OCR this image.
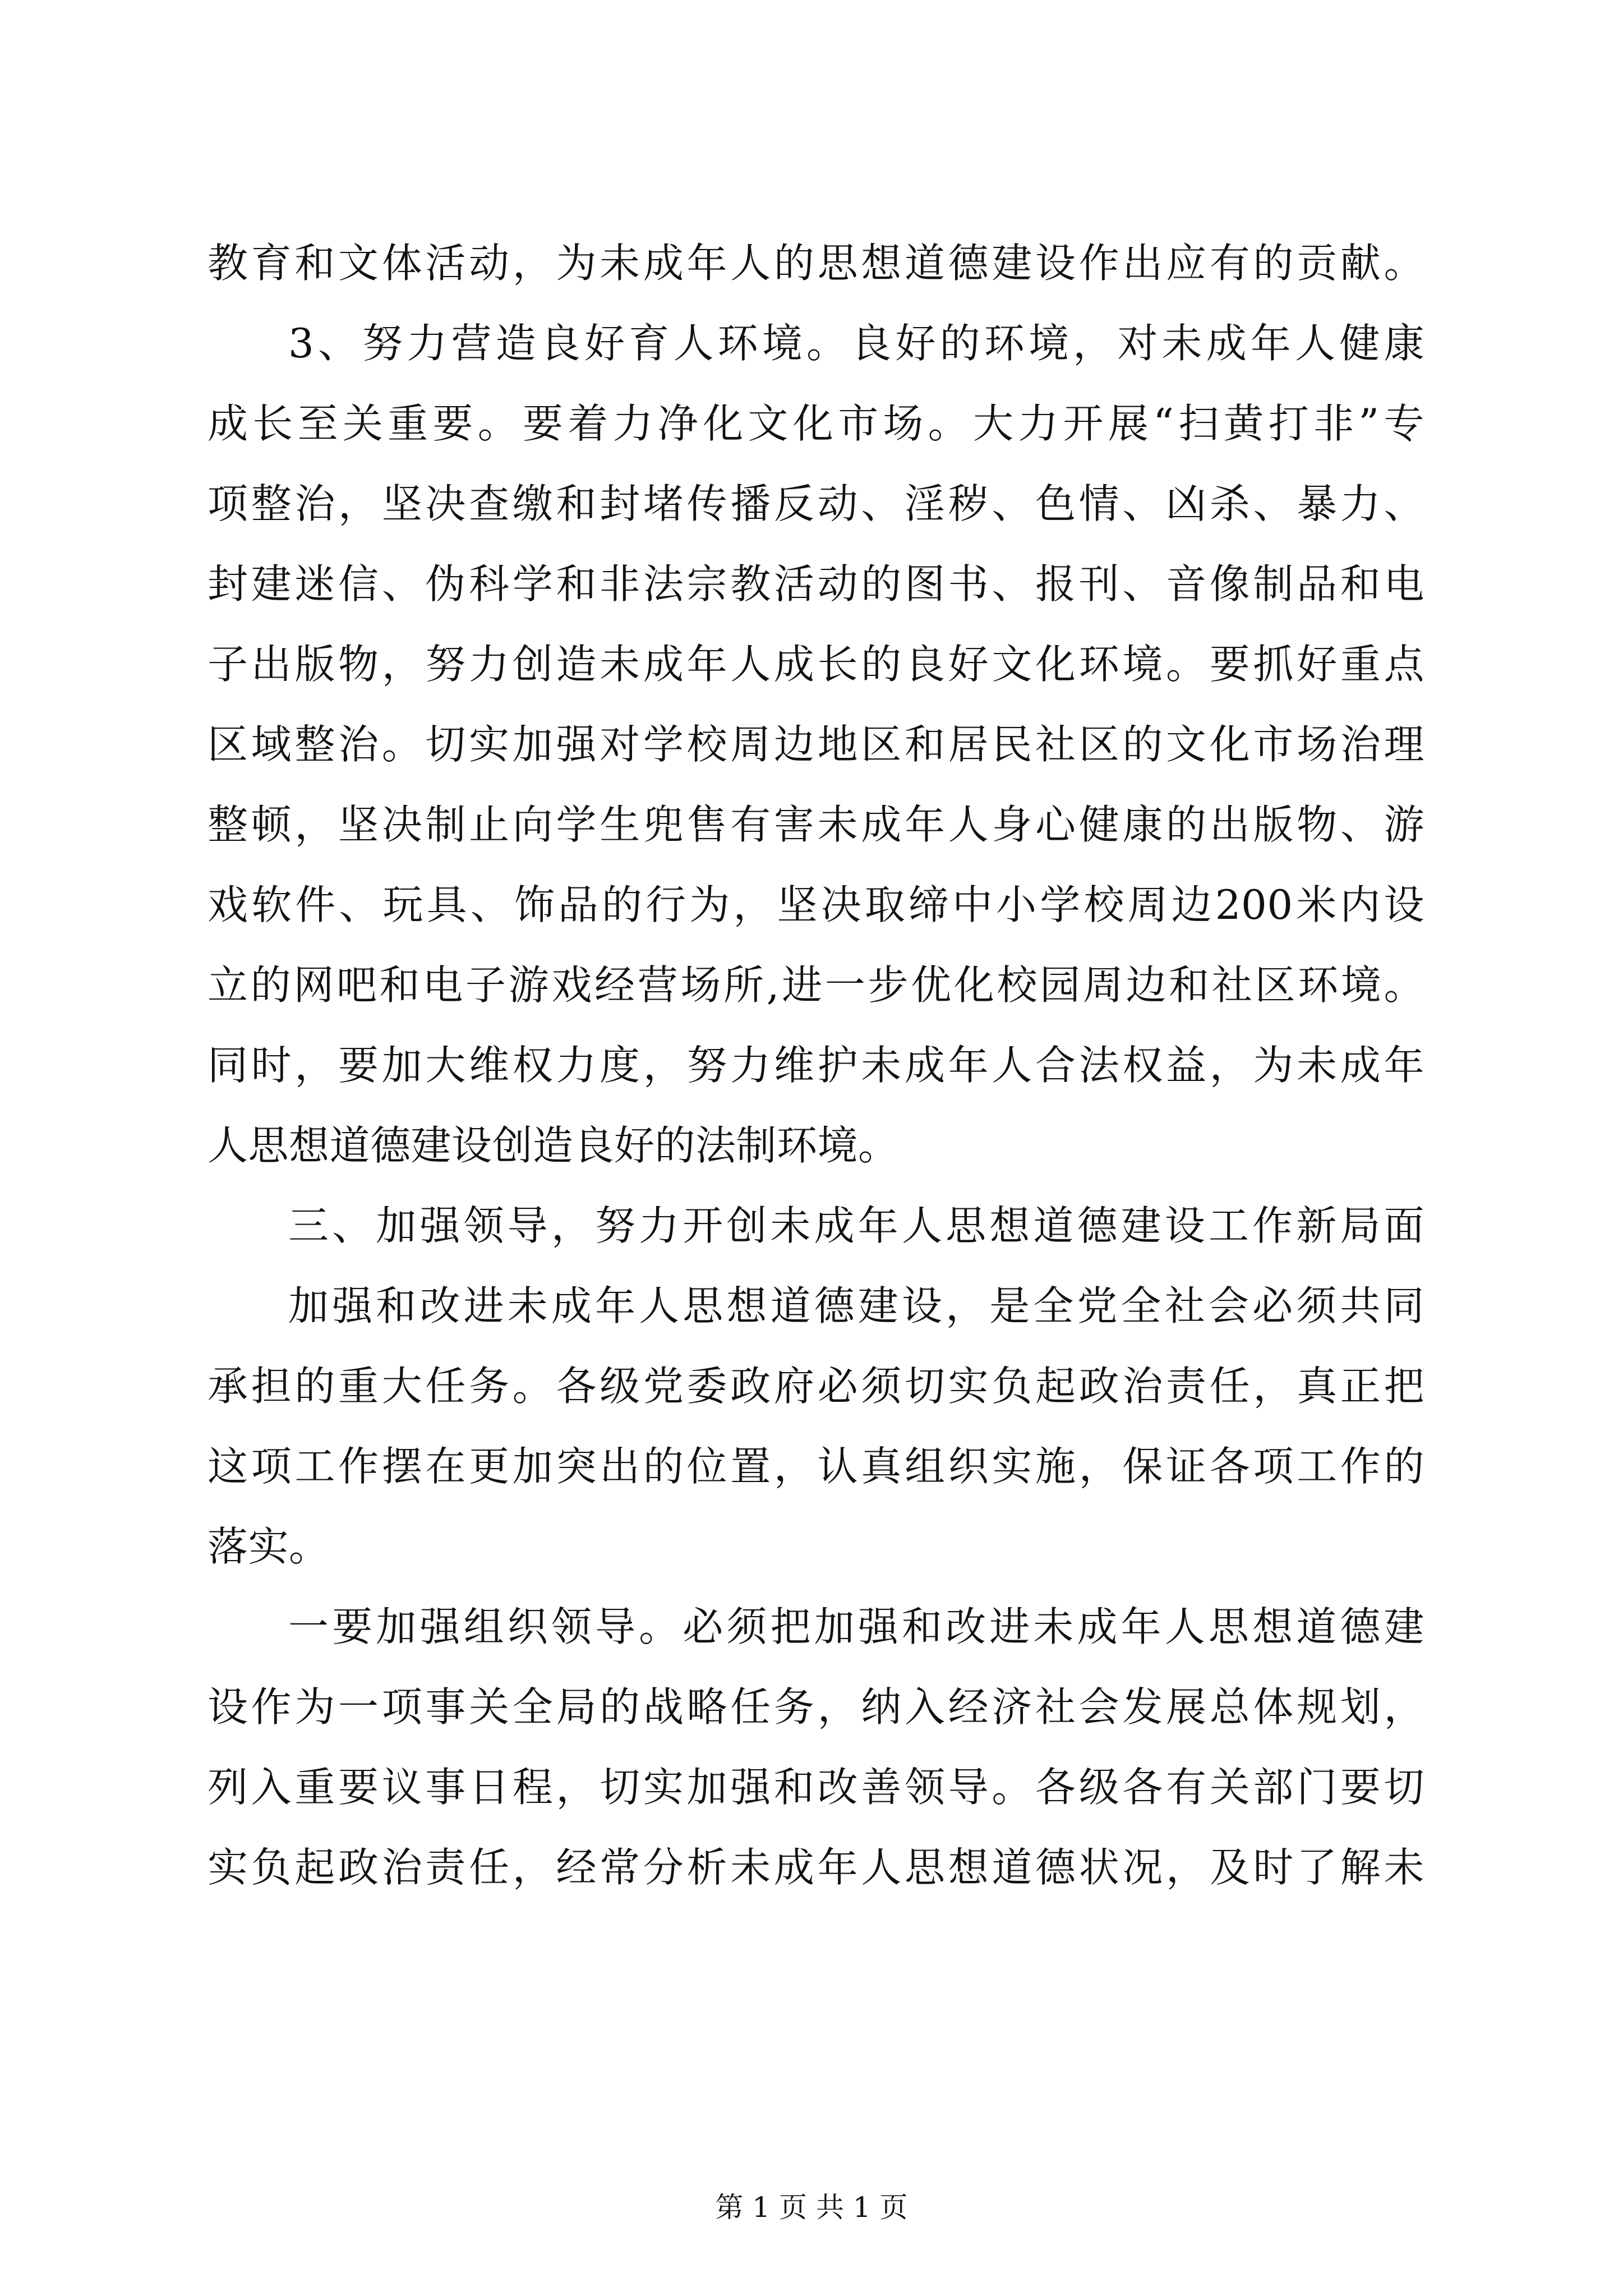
教育和文体活动，为未成年人的思想道德建设作出应有的贡献。
3、努力营造良好育人环境。良好的环境，对未成年人健康
成长至关重要。要着力净化文化市场。大力开展“扫黄打非”专
项整治，坚决查缴和封堵传播反动、淫秽、色情、凶杀、暴力、
封建迷信、伪科学和非法宗教活动的图书、报刊、音像制品和电
子出版物，努力创造未成年人成长的良好文化环境。要抓好重点
区域整治。切实加强对学校周边地区和居民社区的文化市场治理
整顿，坚决制止向学生兜售有害未成年人身心健康的出版物、游
戏软件、玩具、饰品的行为，坚决取缔中小学校周边200米内设
立的网吧和电子游戏经营场所,进一步优化校园周边和社区环境。
同时，要加大维权力度，努力维护未成年人合法权益，为未成年
人思想道德建设创造良好的法制环境。
三、加强领导，努力开创未成年人思想道德建设工作新局面
加强和改进未成年人思想道德建设，是全党全社会必须共同
承担的重大任务。各级党委政府必须切实负起政治责任，真正把
这项工作摆在更加突出的位置，认真组织实施，保证各项工作的
落实。
一要加强组织领导。必须把加强和改进未成年人思想道德建
设作为一项事关全局的战略任务，纳入经济社会发展总体规划，
列入重要议事日程，切实加强和改善领导。各级各有关部门要切
实负起政治责任，经常分析未成年人思想道德状况，及时了解未
第 1 页 共 1 页
